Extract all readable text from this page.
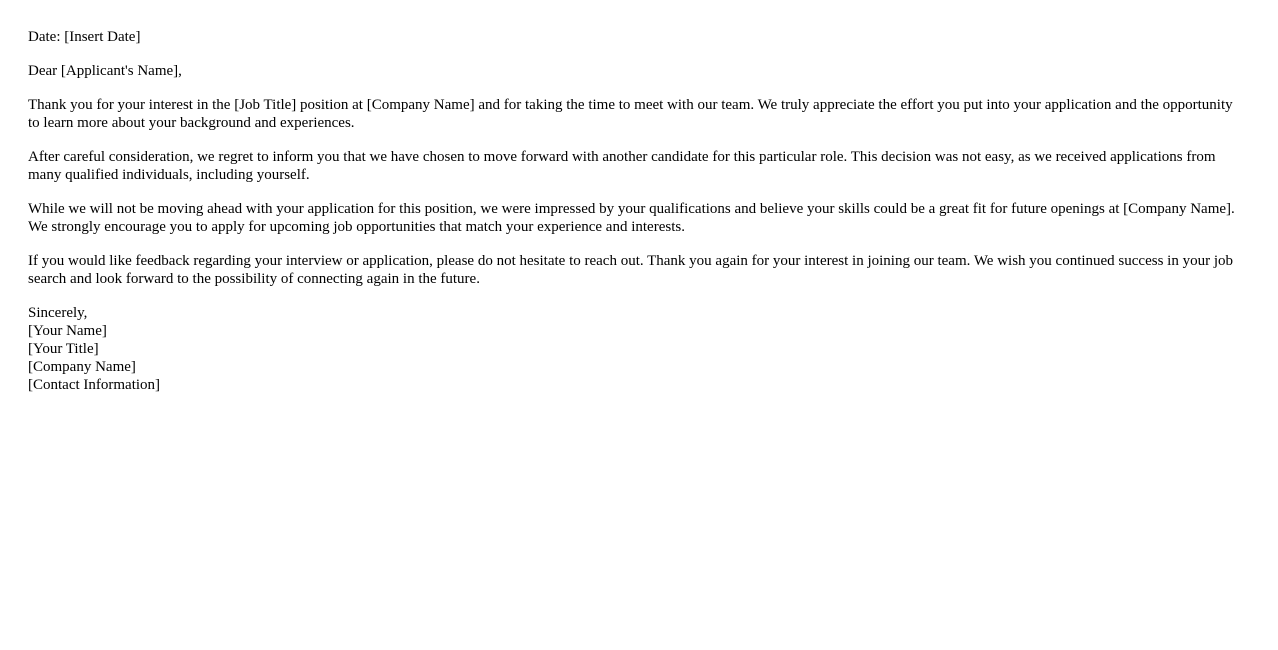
Date: [Insert Date]

Dear [Applicant's Name],

Thank you for your interest in the [Job Title] position at [Company Name] and for taking the time to meet with our team. We truly appreciate the effort you put into your application and the opportunity to learn more about your background and experiences.

After careful consideration, we regret to inform you that we have chosen to move forward with another candidate for this particular role. This decision was not easy, as we received applications from many qualified individuals, including yourself.

While we will not be moving ahead with your application for this position, we were impressed by your qualifications and believe your skills could be a great fit for future openings at [Company Name]. We strongly encourage you to apply for upcoming job opportunities that match your experience and interests.

If you would like feedback regarding your interview or application, please do not hesitate to reach out. Thank you again for your interest in joining our team. We wish you continued success in your job search and look forward to the possibility of connecting again in the future.

Sincerely,
[Your Name]
[Your Title]
[Company Name]
[Contact Information]
